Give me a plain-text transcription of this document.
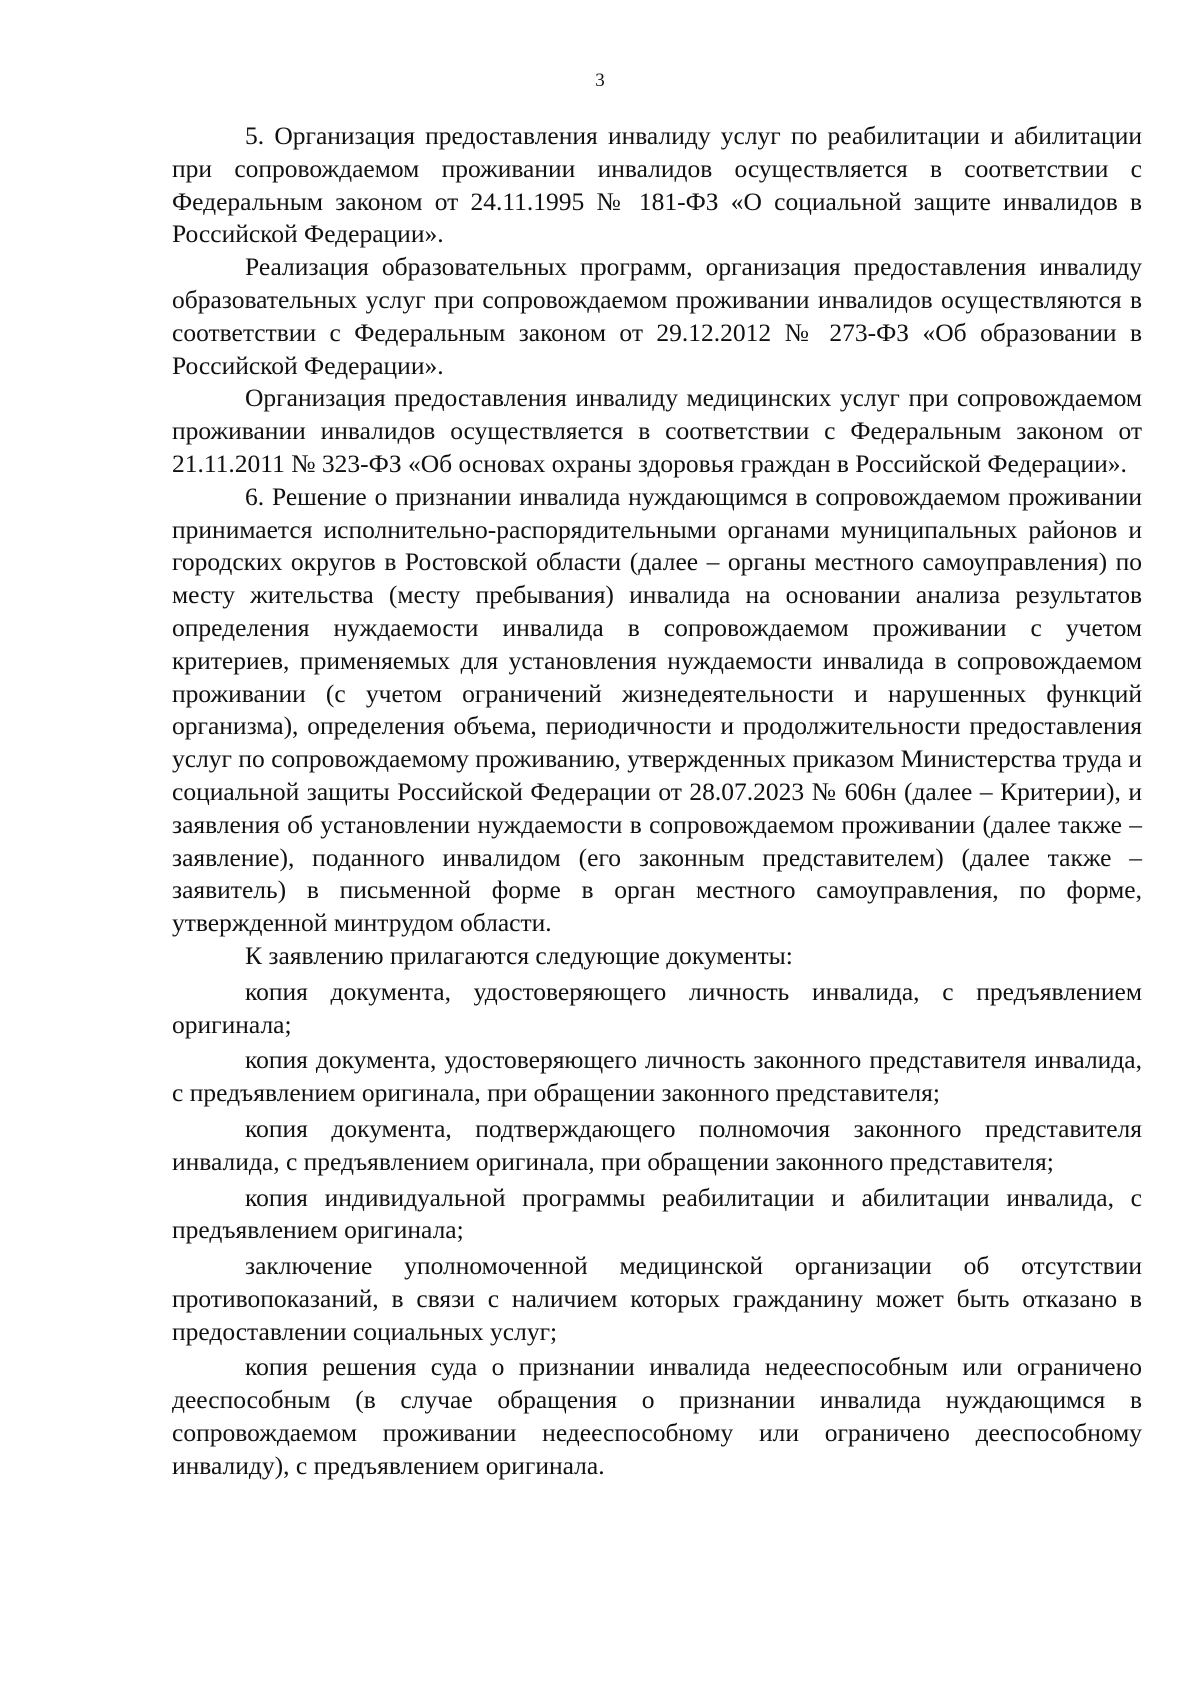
3

5. Организация предоставления инвалиду услуг по реабилитации и абилитации при сопровождаемом проживании инвалидов осуществляется в соответствии с Федеральным законом от 24.11.1995 № 181-ФЗ «О социальной защите инвалидов в Российской Федерации».

Реализация образовательных программ, организация предоставления инвалиду образовательных услуг при сопровождаемом проживании инвалидов осуществляются в соответствии с Федеральным законом от 29.12.2012 № 273-ФЗ «Об образовании в Российской Федерации».

Организация предоставления инвалиду медицинских услуг при сопровождаемом проживании инвалидов осуществляется в соответствии с Федеральным законом от 21.11.2011 № 323-ФЗ «Об основах охраны здоровья граждан в Российской Федерации».

6. Решение о признании инвалида нуждающимся в сопровождаемом проживании принимается исполнительно-распорядительными органами муниципальных районов и городских округов в Ростовской области (далее – органы местного самоуправления) по месту жительства (месту пребывания) инвалида на основании анализа результатов определения нуждаемости инвалида в сопровождаемом проживании с учетом критериев, применяемых для установления нуждаемости инвалида в сопровождаемом проживании (с учетом ограничений жизнедеятельности и нарушенных функций организма), определения объема, периодичности и продолжительности предоставления услуг по сопровождаемому проживанию, утвержденных приказом Министерства труда и социальной защиты Российской Федерации от 28.07.2023 № 606н (далее – Критерии), и заявления об установлении нуждаемости в сопровождаемом проживании (далее также – заявление), поданного инвалидом (его законным представителем) (далее также – заявитель) в письменной форме в орган местного самоуправления, по форме, утвержденной минтрудом области.

К заявлению прилагаются следующие документы:

копия документа, удостоверяющего личность инвалида, с предъявлением оригинала;

копия документа, удостоверяющего личность законного представителя инвалида, с предъявлением оригинала, при обращении законного представителя;

копия документа, подтверждающего полномочия законного представителя инвалида, с предъявлением оригинала, при обращении законного представителя;

копия индивидуальной программы реабилитации и абилитации инвалида, с предъявлением оригинала;

заключение уполномоченной медицинской организации об отсутствии противопоказаний, в связи с наличием которых гражданину может быть отказано в предоставлении социальных услуг;

копия решения суда о признании инвалида недееспособным или ограничено дееспособным (в случае обращения о признании инвалида нуждающимся в сопровождаемом проживании недееспособному или ограничено дееспособному инвалиду), с предъявлением оригинала.
